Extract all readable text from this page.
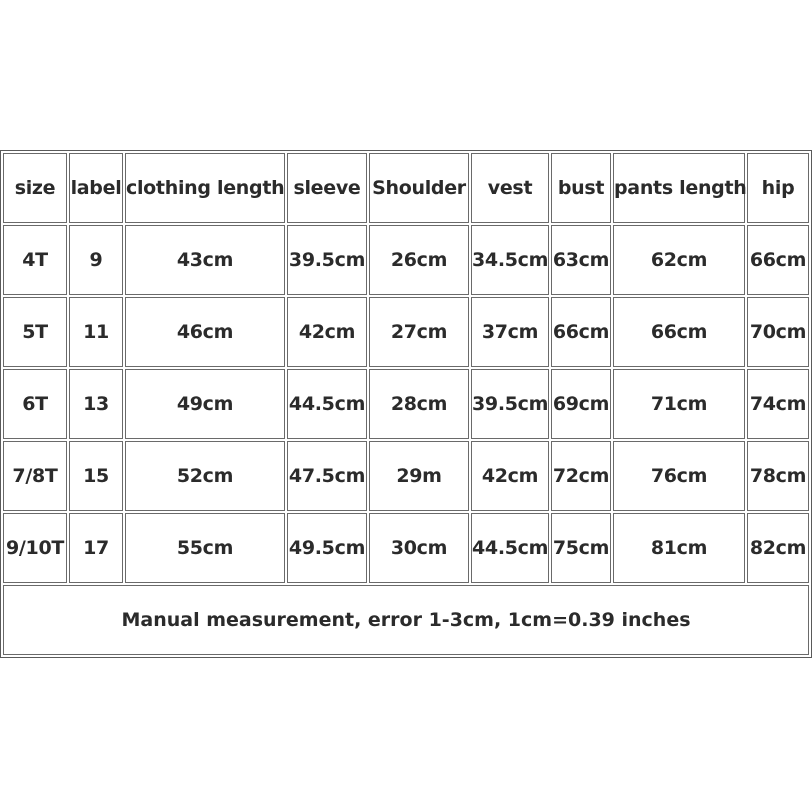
size	label	clothing length	sleeve	Shoulder	vest	bust	pants length	hip
4T	9	43cm	39.5cm	26cm	34.5cm	63cm	62cm	66cm
5T	11	46cm	42cm	27cm	37cm	66cm	66cm	70cm
6T	13	49cm	44.5cm	28cm	39.5cm	69cm	71cm	74cm
7/8T	15	52cm	47.5cm	29m	42cm	72cm	76cm	78cm
9/10T	17	55cm	49.5cm	30cm	44.5cm	75cm	81cm	82cm
Manual measurement, error 1-3cm, 1cm=0.39 inches								
